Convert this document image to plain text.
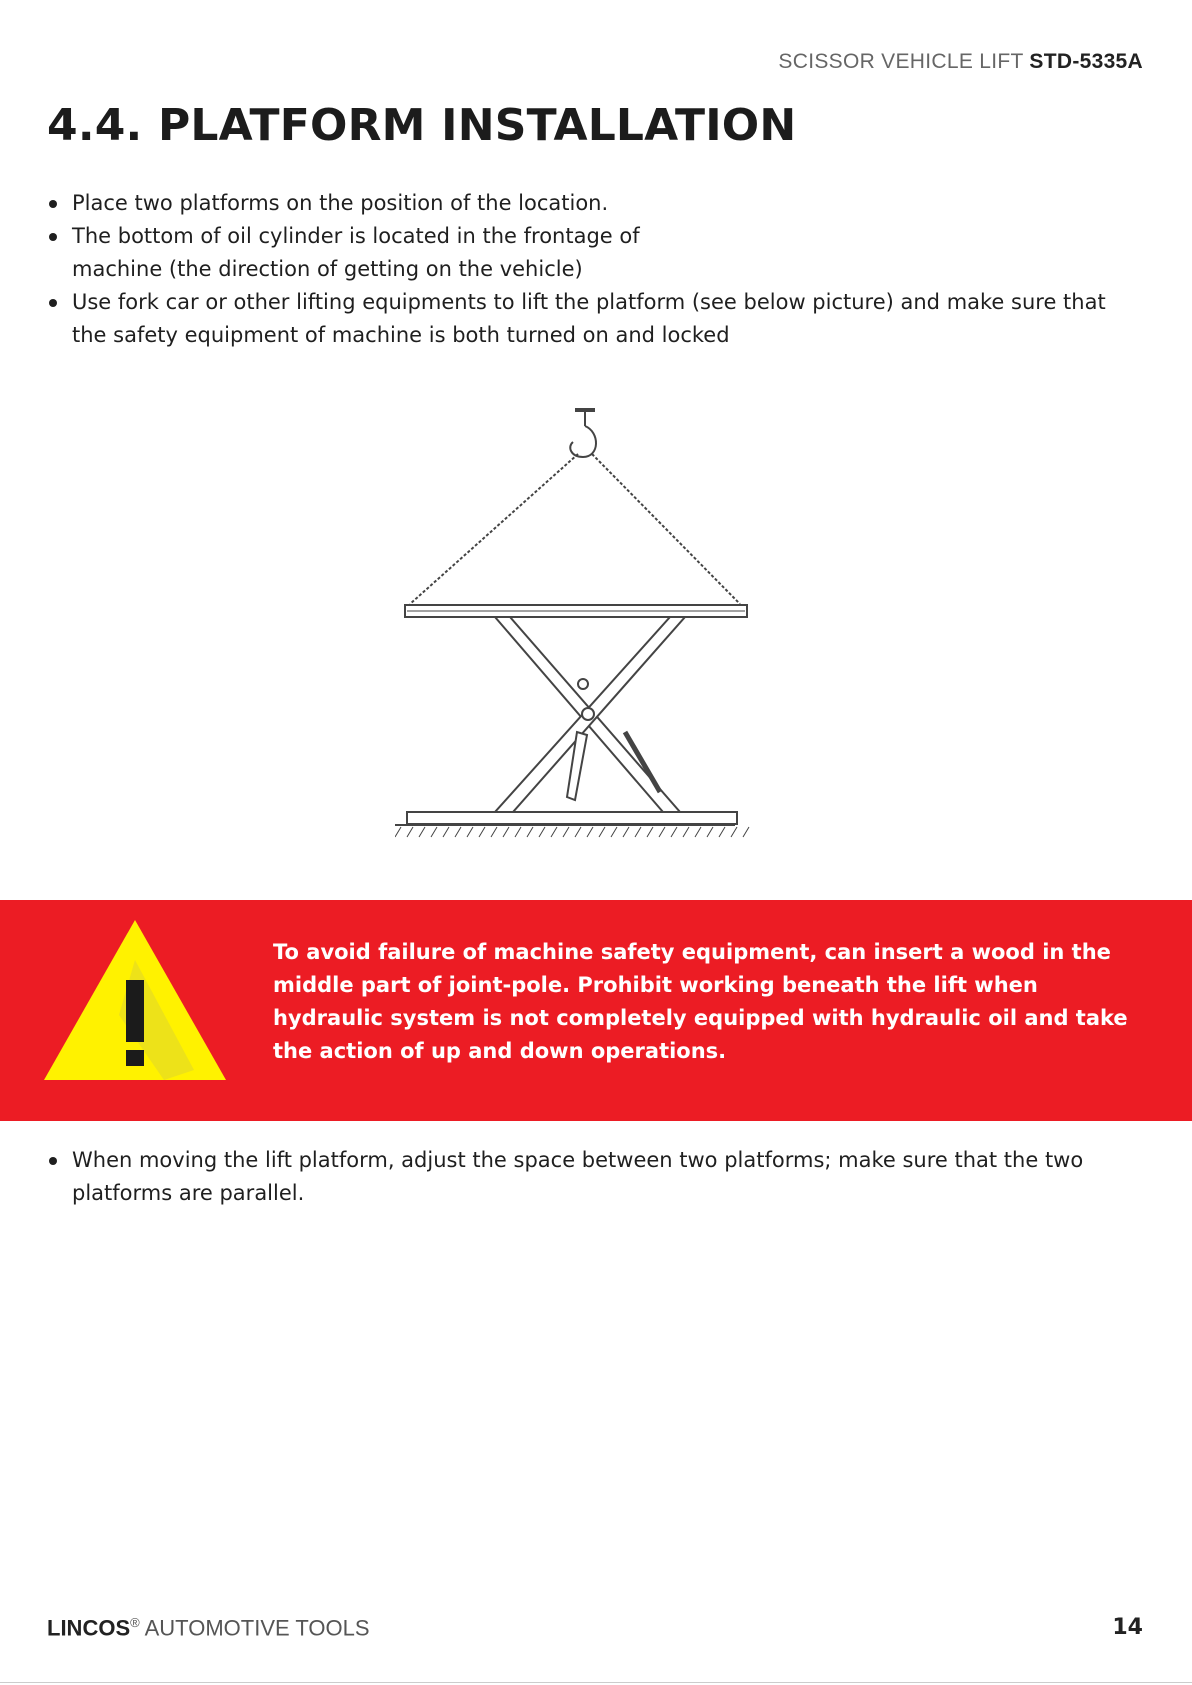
SCISSOR VEHICLE LIFT STD-5335A
4.4. PLATFORM INSTALLATION
Place two platforms on the position of the location.
The bottom of oil cylinder is located in the frontage of machine (the direction of getting on the vehicle)
Use fork car or other lifting equipments to lift the platform (see below picture) and make sure that the safety equipment of machine is both turned on and locked
To avoid failure of machine safety equipment, can insert a wood in the middle part of joint-pole. Prohibit working beneath the lift when hydraulic system is not completely equipped with hydraulic oil and take the action of up and down operations.
When moving the lift platform, adjust the space between two platforms; make sure that the two platforms are parallel.
LINCOS® AUTOMOTIVE TOOLS	14
